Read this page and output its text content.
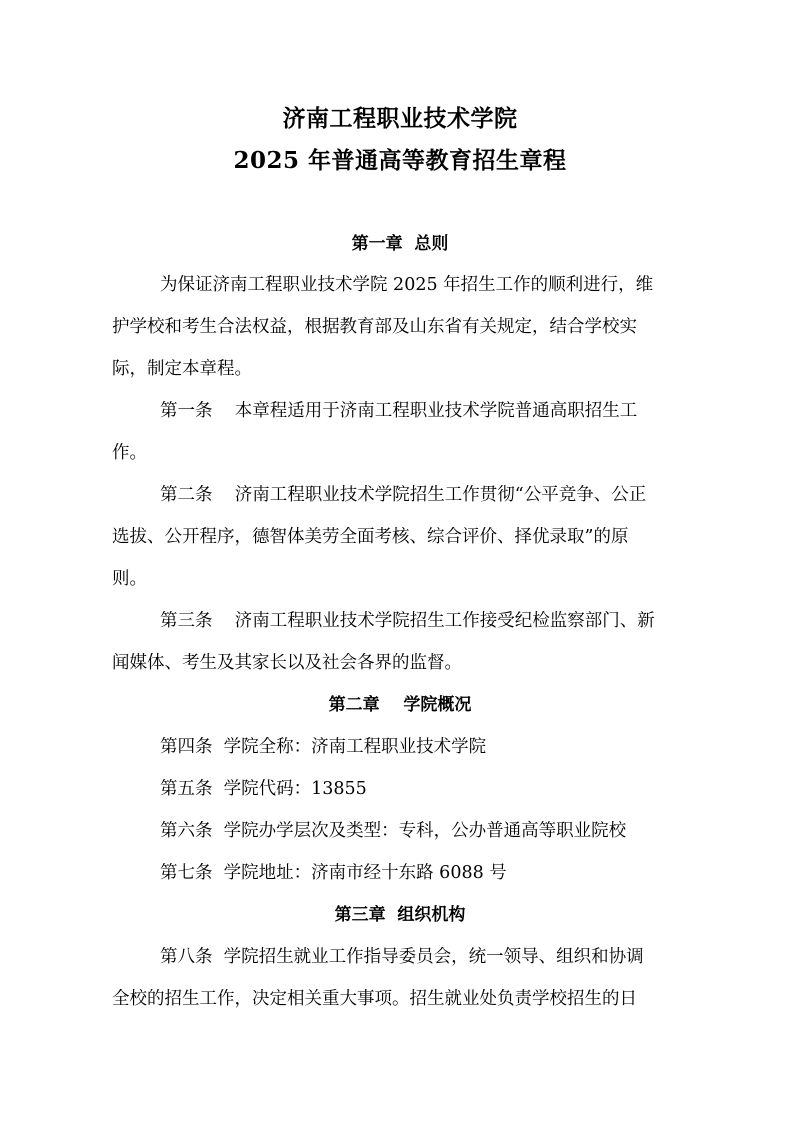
济南工程职业技术学院
2025 年普通高等教育招生章程
第一章  总则
为保证济南工程职业技术学院 2025 年招生工作的顺利进行，维
护学校和考生合法权益，根据教育部及山东省有关规定，结合学校实
际，制定本章程。
第一条    本章程适用于济南工程职业技术学院普通高职招生工
作。
第二条    济南工程职业技术学院招生工作贯彻“公平竞争、公正
选拔、公开程序，德智体美劳全面考核、综合评价、择优录取”的原
则。
第三条    济南工程职业技术学院招生工作接受纪检监察部门、新
闻媒体、考生及其家长以及社会各界的监督。
第二章    学院概况
第四条  学院全称：济南工程职业技术学院
第五条  学院代码：13855
第六条  学院办学层次及类型：专科，公办普通高等职业院校
第七条  学院地址：济南市经十东路 6088 号
第三章  组织机构
第八条  学院招生就业工作指导委员会，统一领导、组织和协调
全校的招生工作，决定相关重大事项。招生就业处负责学校招生的日
